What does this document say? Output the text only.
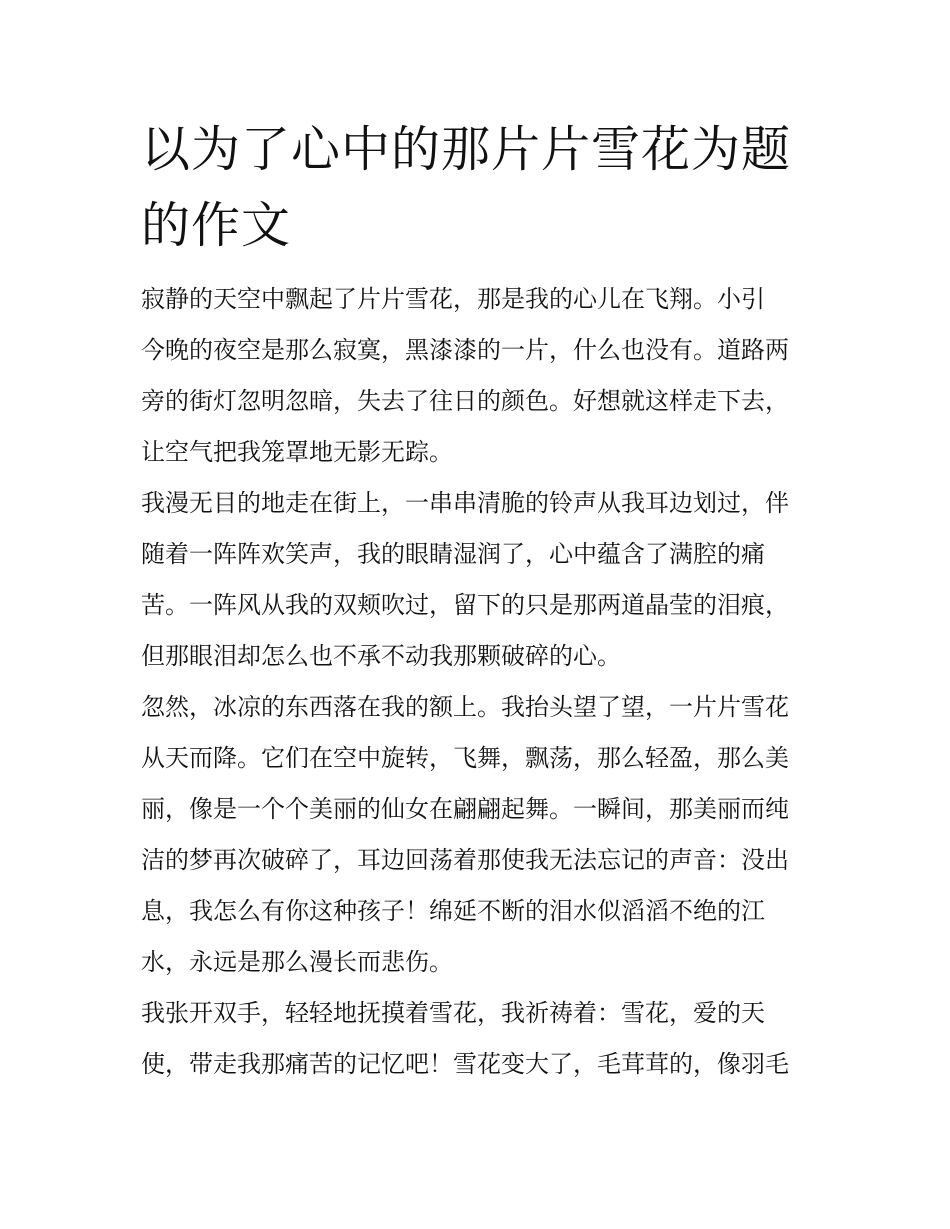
以为了心中的那片片雪花为题
的作文
寂静的天空中飘起了片片雪花，那是我的心儿在飞翔。小引
今晚的夜空是那么寂寞，黑漆漆的一片，什么也没有。道路两
旁的街灯忽明忽暗，失去了往日的颜色。好想就这样走下去，
让空气把我笼罩地无影无踪。
我漫无目的地走在街上，一串串清脆的铃声从我耳边划过，伴
随着一阵阵欢笑声，我的眼睛湿润了，心中蕴含了满腔的痛
苦。一阵风从我的双颊吹过，留下的只是那两道晶莹的泪痕，
但那眼泪却怎么也不承不动我那颗破碎的心。
忽然，冰凉的东西落在我的额上。我抬头望了望，一片片雪花
从天而降。它们在空中旋转，飞舞，飘荡，那么轻盈，那么美
丽，像是一个个美丽的仙女在翩翩起舞。一瞬间，那美丽而纯
洁的梦再次破碎了，耳边回荡着那使我无法忘记的声音：没出
息，我怎么有你这种孩子！绵延不断的泪水似滔滔不绝的江
水，永远是那么漫长而悲伤。
我张开双手，轻轻地抚摸着雪花，我祈祷着：雪花，爱的天
使，带走我那痛苦的记忆吧！雪花变大了，毛茸茸的，像羽毛
